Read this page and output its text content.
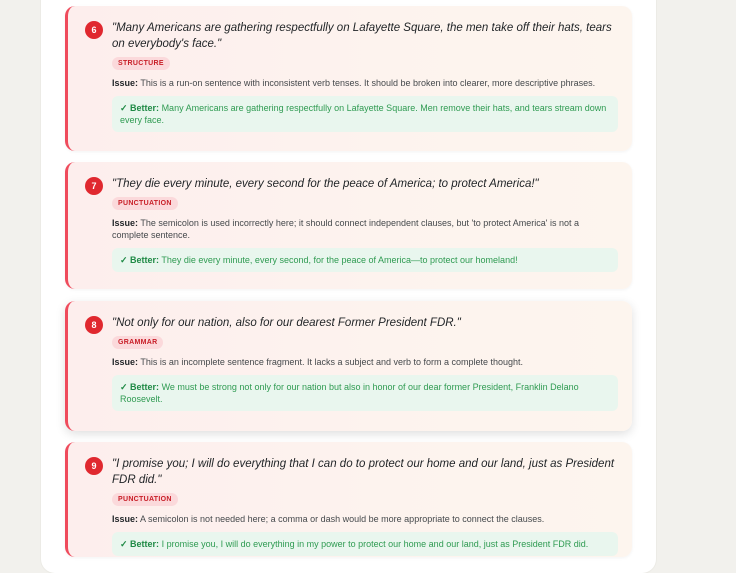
6	"Many Americans are gathering respectfully on Lafayette Square, the men take off their hats, tears on everybody's face."

STRUCTURE
Issue: This is a run-on sentence with inconsistent verb tenses. It should be broken into clearer, more descriptive phrases.
✓ Better: Many Americans are gathering respectfully on Lafayette Square. Men remove their hats, and tears stream down every face.
7	"They die every minute, every second for the peace of America; to protect America!"

PUNCTUATION
Issue: The semicolon is used incorrectly here; it should connect independent clauses, but 'to protect America' is not a complete sentence.
✓ Better: They die every minute, every second, for the peace of America—to protect our homeland!
8	"Not only for our nation, also for our dearest Former President FDR."

GRAMMAR
Issue: This is an incomplete sentence fragment. It lacks a subject and verb to form a complete thought.
✓ Better: We must be strong not only for our nation but also in honor of our dear former President, Franklin Delano Roosevelt.
9	"I promise you; I will do everything that I can do to protect our home and our land, just as President FDR did."

PUNCTUATION
Issue: A semicolon is not needed here; a comma or dash would be more appropriate to connect the clauses.
✓ Better: I promise you, I will do everything in my power to protect our home and our land, just as President FDR did.
